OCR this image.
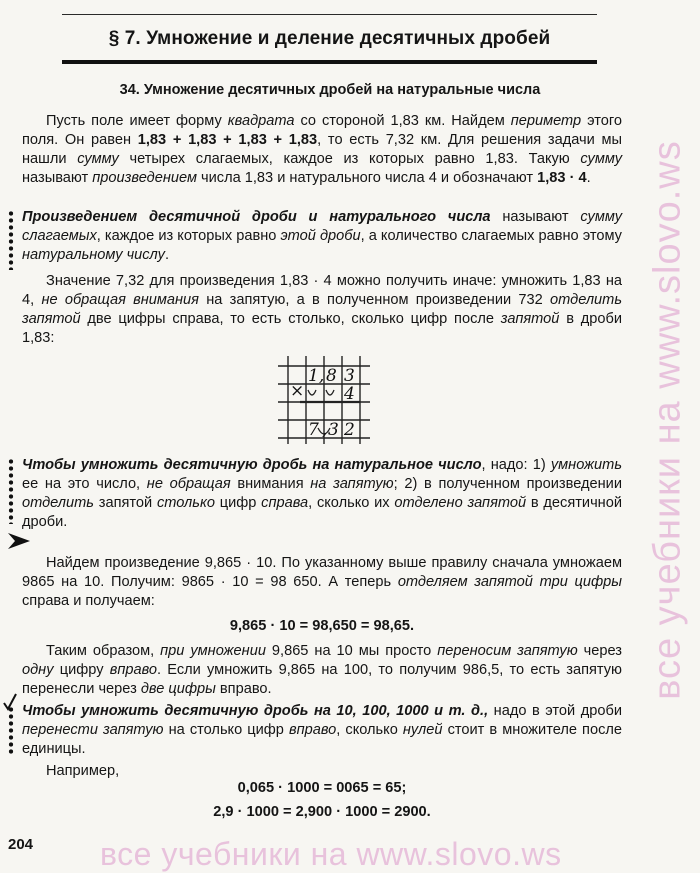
§ 7. Умножение и деление десятичных дробей
34. Умножение десятичных дробей на натуральные числа

Пусть поле имеет форму квадрата со стороной 1,83 км. Найдем периметр этого поля. Он равен 1,83 + 1,83 + 1,83 + 1,83, то есть 7,32 км. Для решения задачи мы нашли сумму четырех слагаемых, каждое из которых равно 1,83. Такую сумму называют произведением числа 1,83 и натурального числа 4 и обозначают 1,83 · 4.

Произведением десятичной дроби и натурального числа называют сумму слагаемых, каждое из которых равно этой дроби, а количество слагаемых равно этому натуральному числу.

Значение 7,32 для произведения 1,83 · 4 можно получить иначе: умножить 1,83 на 4, не обращая внимания на запятую, а в полученном произведении 732 отделить запятой две цифры справа, то есть столько, сколько цифр после запятой в дроби 1,83:

×
1, 8 3
4
7 , 3 2

Чтобы умножить десятичную дробь на натуральное число, надо: 1) умножить ее на это число, не обращая внимания на запятую; 2) в полученном произведении отделить запятой столько цифр справа, сколько их отделено запятой в десятичной дроби.

Найдем произведение 9,865 · 10. По указанному выше правилу сначала умножаем 9865 на 10. Получим: 9865 · 10 = 98 650. А теперь отделяем запятой три цифры справа и получаем:

9,865 · 10 = 98,650 = 98,65.

Таким образом, при умножении 9,865 на 10 мы просто переносим запятую через одну цифру вправо. Если умножить 9,865 на 100, то получим 986,5, то есть запятую перенесли через две цифры вправо.

Чтобы умножить десятичную дробь на 10, 100, 1000 и т. д., надо в этой дроби перенести запятую на столько цифр вправо, сколько нулей стоит в множителе после единицы.

Например,

0,065 · 1000 = 0065 = 65;
2,9 · 1000 = 2,900 · 1000 = 2900.
все учебники на www.slovo.ws
204 все учебники на www.slovo.ws
